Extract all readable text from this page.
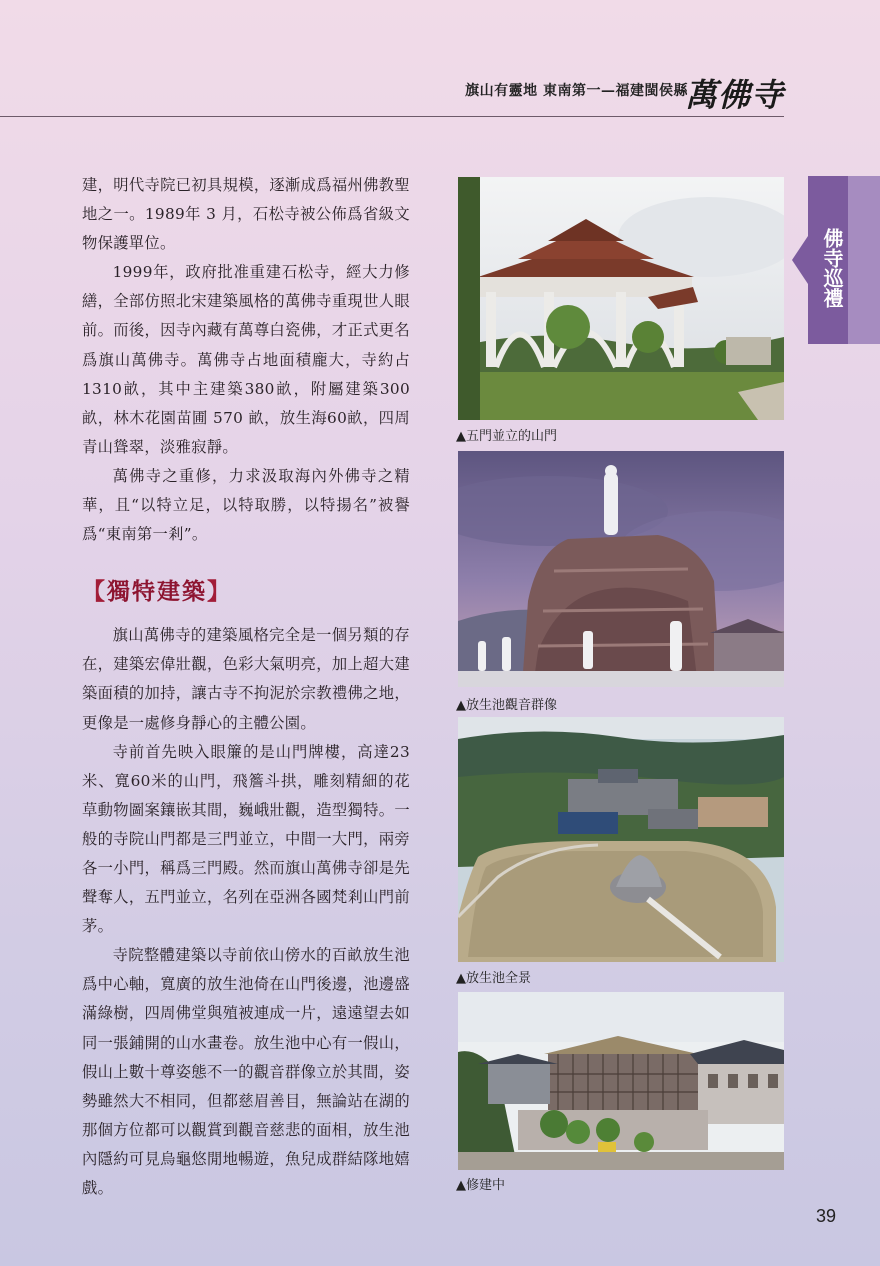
旗山有靈地 東南第一—福建閩侯縣
萬佛寺
佛寺巡禮

建，明代寺院已初具規模，逐漸成爲福州佛教聖地之一。1989年 3 月，石松寺被公佈爲省級文物保護單位。

1999年，政府批准重建石松寺，經大力修繕，全部仿照北宋建築風格的萬佛寺重現世人眼前。而後，因寺內藏有萬尊白瓷佛，才正式更名爲旗山萬佛寺。萬佛寺占地面積龐大，寺約占1310畝，其中主建築380畝，附屬建築300畝，林木花園苗圃 570 畝，放生海60畝，四周青山聳翠，淡雅寂靜。

萬佛寺之重修，力求汲取海內外佛寺之精華，且“以特立足，以特取勝，以特揚名”被譽爲“東南第一剎”。

【獨特建築】

旗山萬佛寺的建築風格完全是一個另類的存在，建築宏偉壯觀，色彩大氣明亮，加上超大建築面積的加持，讓古寺不拘泥於宗教禮佛之地，更像是一處修身靜心的主體公園。

寺前首先映入眼簾的是山門牌樓，高達23米、寬60米的山門，飛簷斗拱，雕刻精細的花草動物圖案鑲嵌其間，巍峨壯觀，造型獨特。一般的寺院山門都是三門並立，中間一大門，兩旁各一小門，稱爲三門殿。然而旗山萬佛寺卻是先聲奪人，五門並立，名列在亞洲各國梵剎山門前茅。

寺院整體建築以寺前依山傍水的百畝放生池爲中心軸，寬廣的放生池倚在山門後邊，池邊盛滿綠樹，四周佛堂與殖被連成一片，遠遠望去如同一張鋪開的山水畫卷。放生池中心有一假山，假山上數十尊姿態不一的觀音群像立於其間，姿勢雖然大不相同，但都慈眉善目，無論站在湖的那個方位都可以觀賞到觀音慈悲的面相，放生池內隱約可見烏龜悠閒地暢遊，魚兒成群結隊地嬉戲。

▲五門並立的山門
▲放生池觀音群像
▲放生池全景
▲修建中
39
